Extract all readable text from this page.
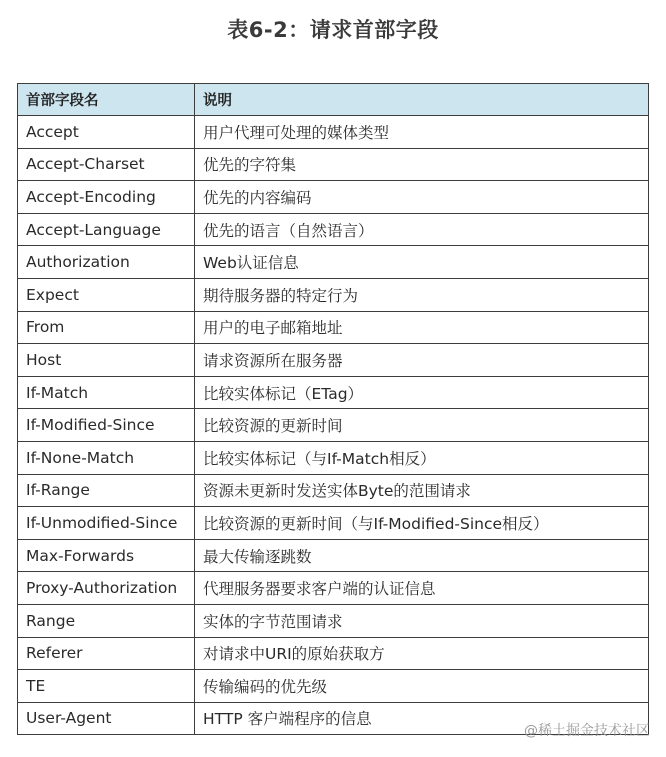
表6-2：请求首部字段
首部字段名	说明
Accept	用户代理可处理的媒体类型
Accept-Charset	优先的字符集
Accept-Encoding	优先的内容编码
Accept-Language	优先的语言（自然语言）
Authorization	Web认证信息
Expect	期待服务器的特定行为
From	用户的电子邮箱地址
Host	请求资源所在服务器
If-Match	比较实体标记（ETag）
If-Modified-Since	比较资源的更新时间
If-None-Match	比较实体标记（与If-Match相反）
If-Range	资源未更新时发送实体Byte的范围请求
If-Unmodified-Since	比较资源的更新时间（与If-Modified-Since相反）
Max-Forwards	最大传输逐跳数
Proxy-Authorization	代理服务器要求客户端的认证信息
Range	实体的字节范围请求
Referer	对请求中URI的原始获取方
TE	传输编码的优先级
User-Agent	HTTP 客户端程序的信息
@稀土掘金技术社区
